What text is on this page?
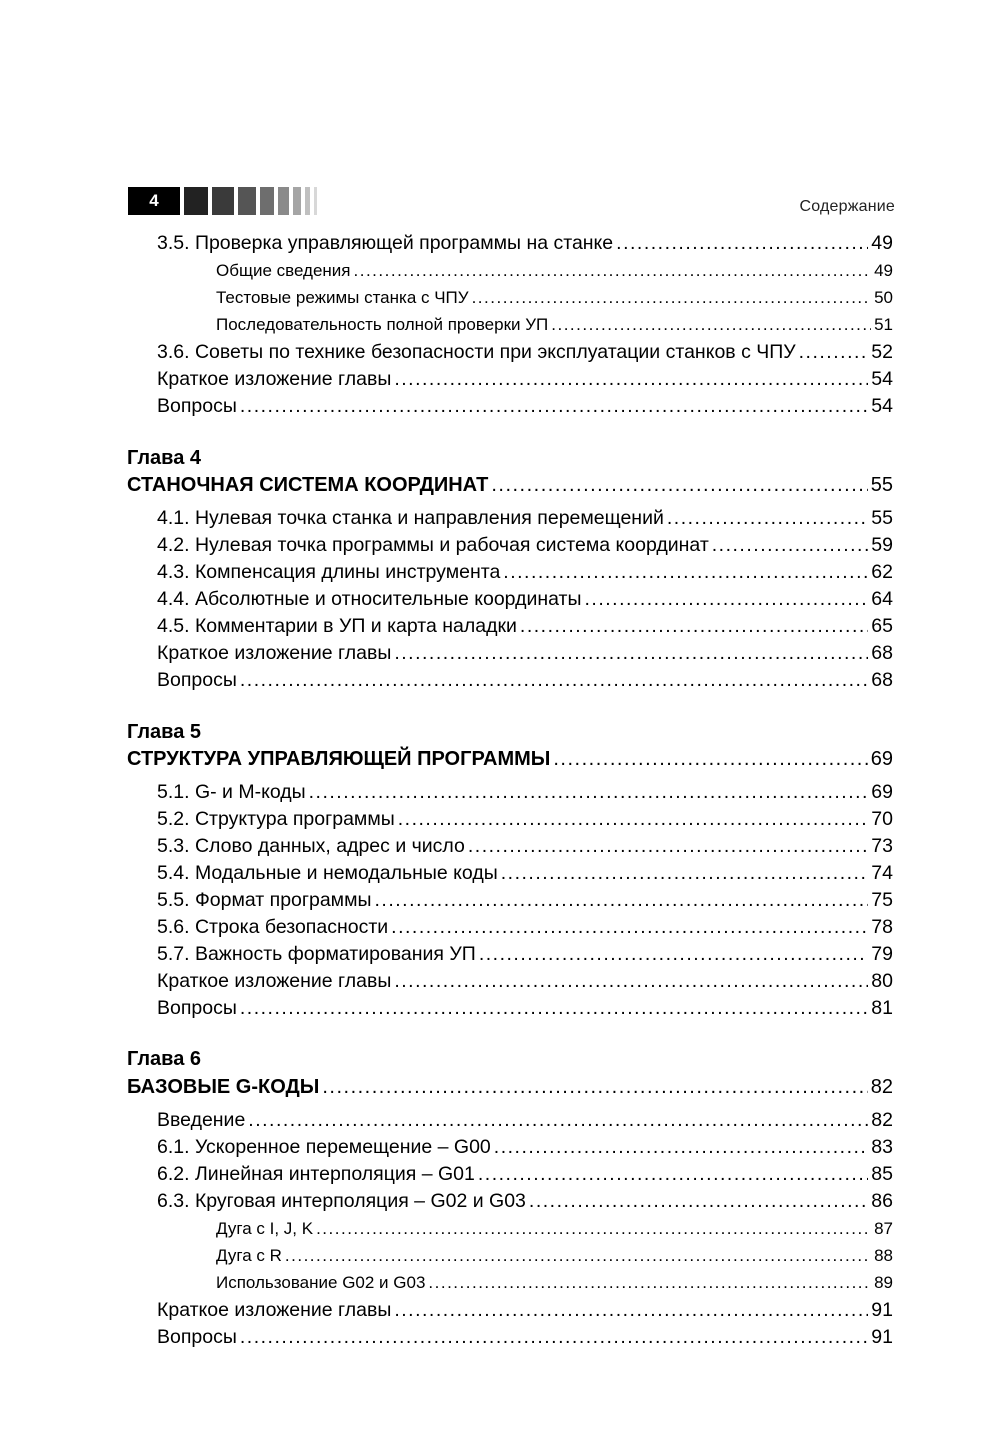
4	Содержание
3.5. Проверка управляющей программы на станке .....	49
Общие сведения .....	49
Тестовые режимы станка с ЧПУ .....	50
Последовательность полной проверки УП .....	51
3.6. Советы по технике безопасности при эксплуатации станков с ЧПУ .....	52
Краткое изложение главы .....	54
Вопросы .....	54
Глава 4
СТАНОЧНАЯ СИСТЕМА КООРДИНАТ .....	55
4.1. Нулевая точка станка и направления перемещений .....	55
4.2. Нулевая точка программы и рабочая система координат .....	59
4.3. Компенсация длины инструмента .....	62
4.4. Абсолютные и относительные координаты .....	64
4.5. Комментарии в УП и карта наладки .....	65
Краткое изложение главы .....	68
Вопросы .....	68
Глава 5
СТРУКТУРА УПРАВЛЯЮЩЕЙ ПРОГРАММЫ .....	69
5.1. G- и M-коды .....	69
5.2. Структура программы .....	70
5.3. Слово данных, адрес и число .....	73
5.4. Модальные и немодальные коды .....	74
5.5. Формат программы .....	75
5.6. Строка безопасности .....	78
5.7. Важность форматирования УП .....	79
Краткое изложение главы .....	80
Вопросы .....	81
Глава 6
БАЗОВЫЕ G-КОДЫ .....	82
Введение .....	82
6.1. Ускоренное перемещение – G00 .....	83
6.2. Линейная интерполяция – G01 .....	85
6.3. Круговая интерполяция – G02 и G03 .....	86
Дуга с I, J, K .....	87
Дуга с R .....	88
Использование G02 и G03 .....	89
Краткое изложение главы .....	91
Вопросы .....	91
